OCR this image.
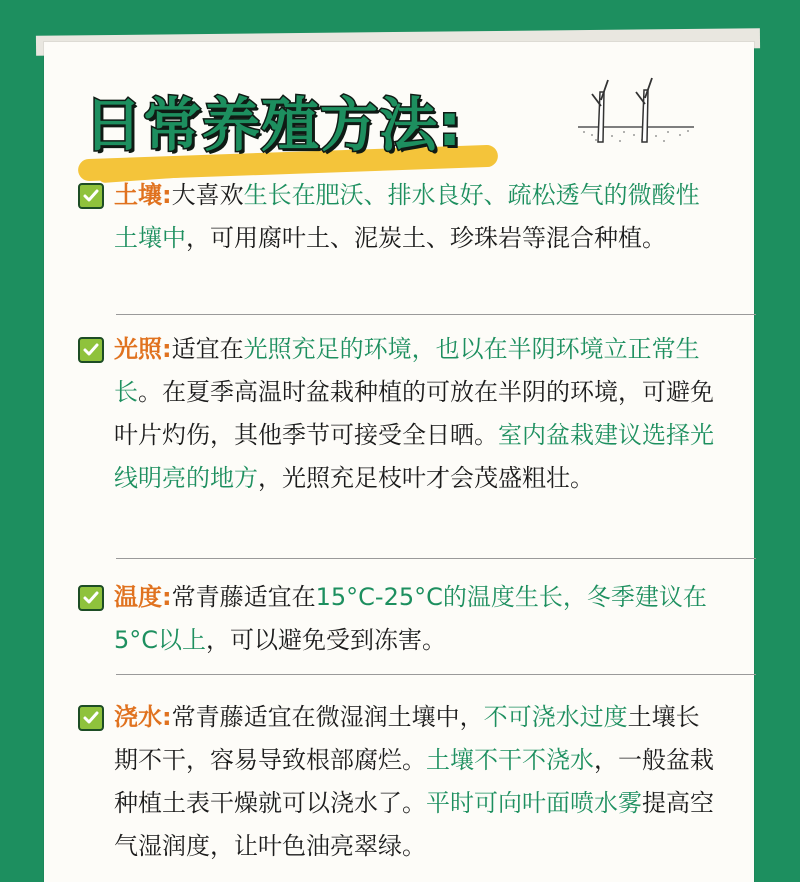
日常养殖方法:

土壤:大喜欢生长在肥沃、排水良好、疏松透气的微酸性土壤中，可用腐叶土、泥炭土、珍珠岩等混合种植。

光照:适宜在光照充足的环境，也以在半阴环境立正常生长。在夏季高温时盆栽种植的可放在半阴的环境，可避免叶片灼伤，其他季节可接受全日晒。室内盆栽建议选择光线明亮的地方，光照充足枝叶才会茂盛粗壮。

温度:常青藤适宜在15°C-25°C的温度生长，冬季建议在5°C以上，可以避免受到冻害。

浇水:常青藤适宜在微湿润土壤中，不可浇水过度土壤长期不干，容易导致根部腐烂。土壤不干不浇水，一般盆栽种植土表干燥就可以浇水了。平时可向叶面喷水雾提高空气湿润度，让叶色油亮翠绿。
